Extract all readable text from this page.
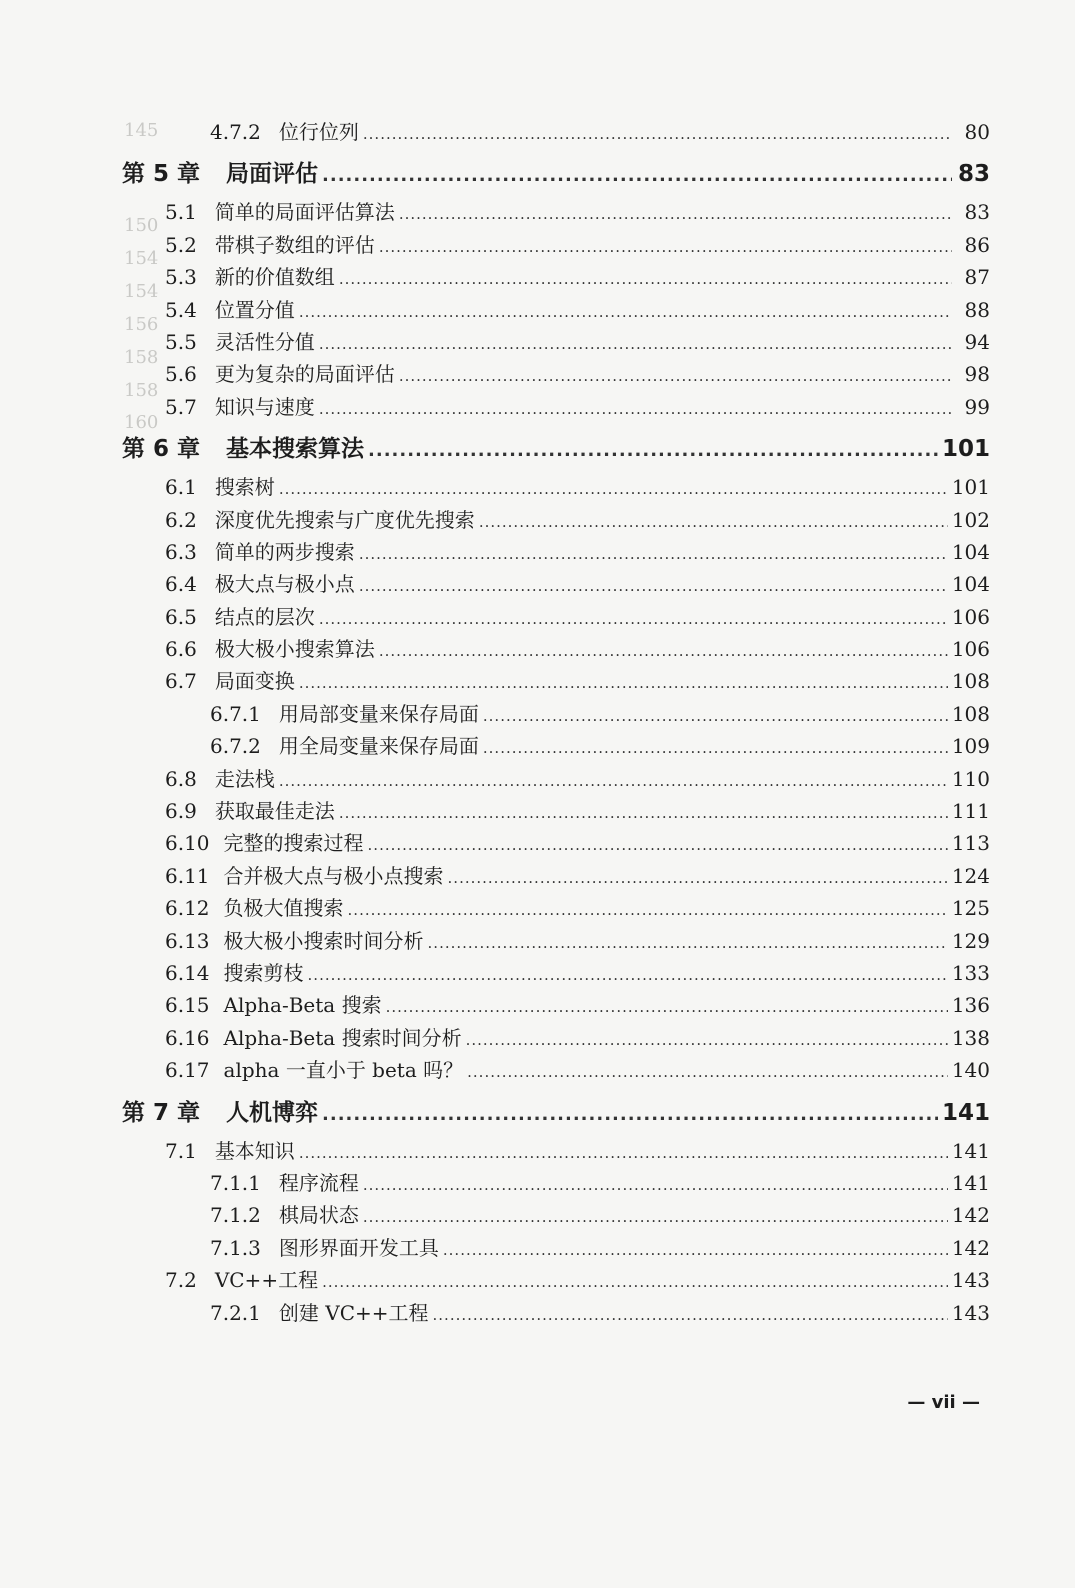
145
150
154
154
156
158
158
160
4.7.2 位行位列 .....	80
第 5 章 局面评估 .....	83
5.1 简单的局面评估算法 .....	83
5.2 带棋子数组的评估 .....	86
5.3 新的价值数组 .....	87
5.4 位置分值 .....	88
5.5 灵活性分值 .....	94
5.6 更为复杂的局面评估 .....	98
5.7 知识与速度 .....	99
第 6 章 基本搜索算法 .....	101
6.1 搜索树 .....	101
6.2 深度优先搜索与广度优先搜索 .....	102
6.3 简单的两步搜索 .....	104
6.4 极大点与极小点 .....	104
6.5 结点的层次 .....	106
6.6 极大极小搜索算法 .....	106
6.7 局面变换 .....	108
6.7.1 用局部变量来保存局面 .....	108
6.7.2 用全局变量来保存局面 .....	109
6.8 走法栈 .....	110
6.9 获取最佳走法 .....	111
6.10 完整的搜索过程 .....	113
6.11 合并极大点与极小点搜索 .....	124
6.12 负极大值搜索 .....	125
6.13 极大极小搜索时间分析 .....	129
6.14 搜索剪枝 .....	133
6.15 Alpha-Beta 搜索 .....	136
6.16 Alpha-Beta 搜索时间分析 .....	138
6.17 alpha 一直小于 beta 吗？ .....	140
第 7 章 人机博弈 .....	141
7.1 基本知识 .....	141
7.1.1 程序流程 .....	141
7.1.2 棋局状态 .....	142
7.1.3 图形界面开发工具 .....	142
7.2 VC++工程 .....	143
7.2.1 创建 VC++工程 .....	143
— vii —
